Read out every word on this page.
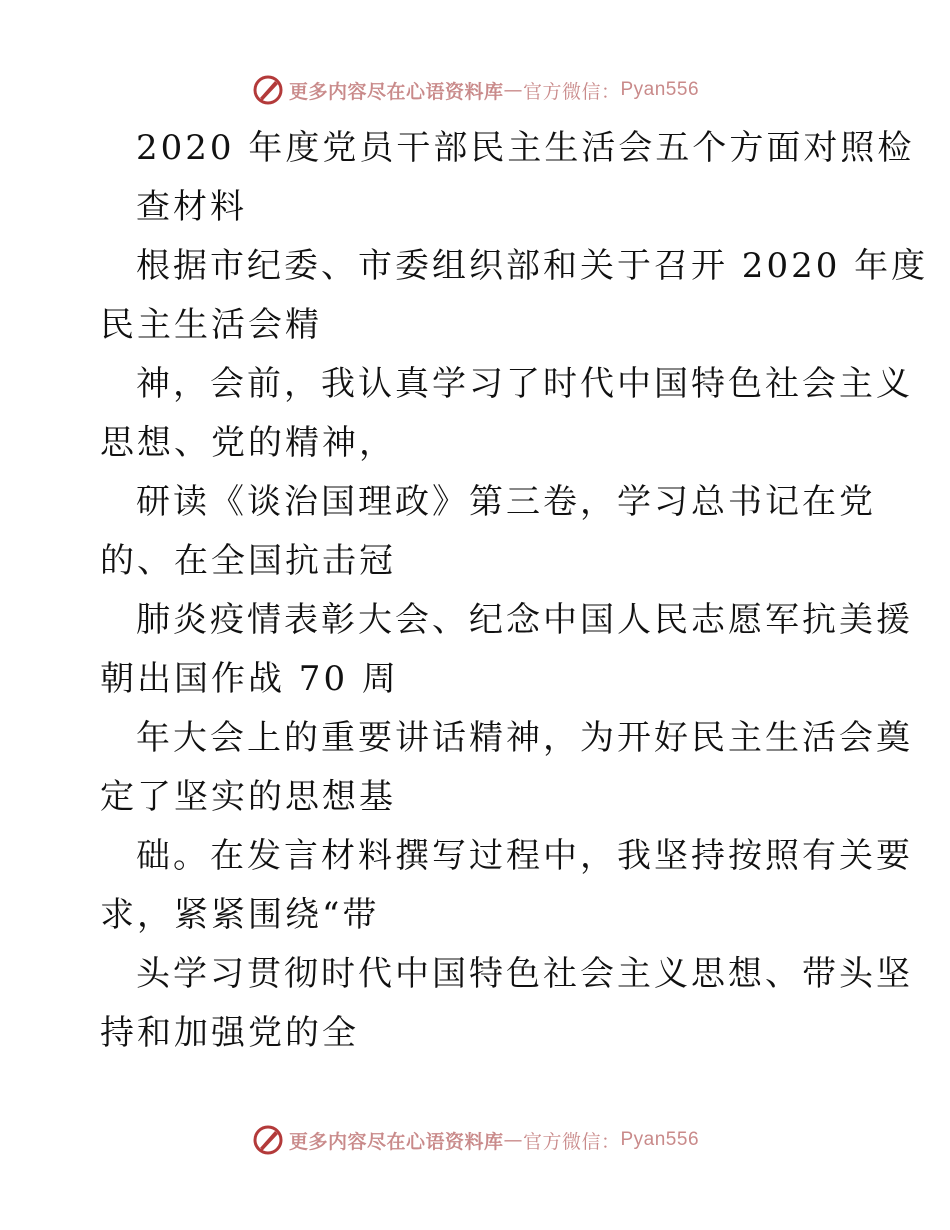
更多内容尽在心语资料库 — 官方微信： Pyan556
2020 年度党员干部民主生活会五个方面对照检
查材料
根据市纪委、市委组织部和关于召开 2020 年度
民主生活会精
神，会前，我认真学习了时代中国特色社会主义
思想、党的精神，
研读《谈治国理政》第三卷，学习总书记在党
的、在全国抗击冠
肺炎疫情表彰大会、纪念中国人民志愿军抗美援
朝出国作战 70 周
年大会上的重要讲话精神，为开好民主生活会奠
定了坚实的思想基
础。在发言材料撰写过程中，我坚持按照有关要
求，紧紧围绕“带
头学习贯彻时代中国特色社会主义思想、带头坚
持和加强党的全
更多内容尽在心语资料库 — 官方微信： Pyan556
